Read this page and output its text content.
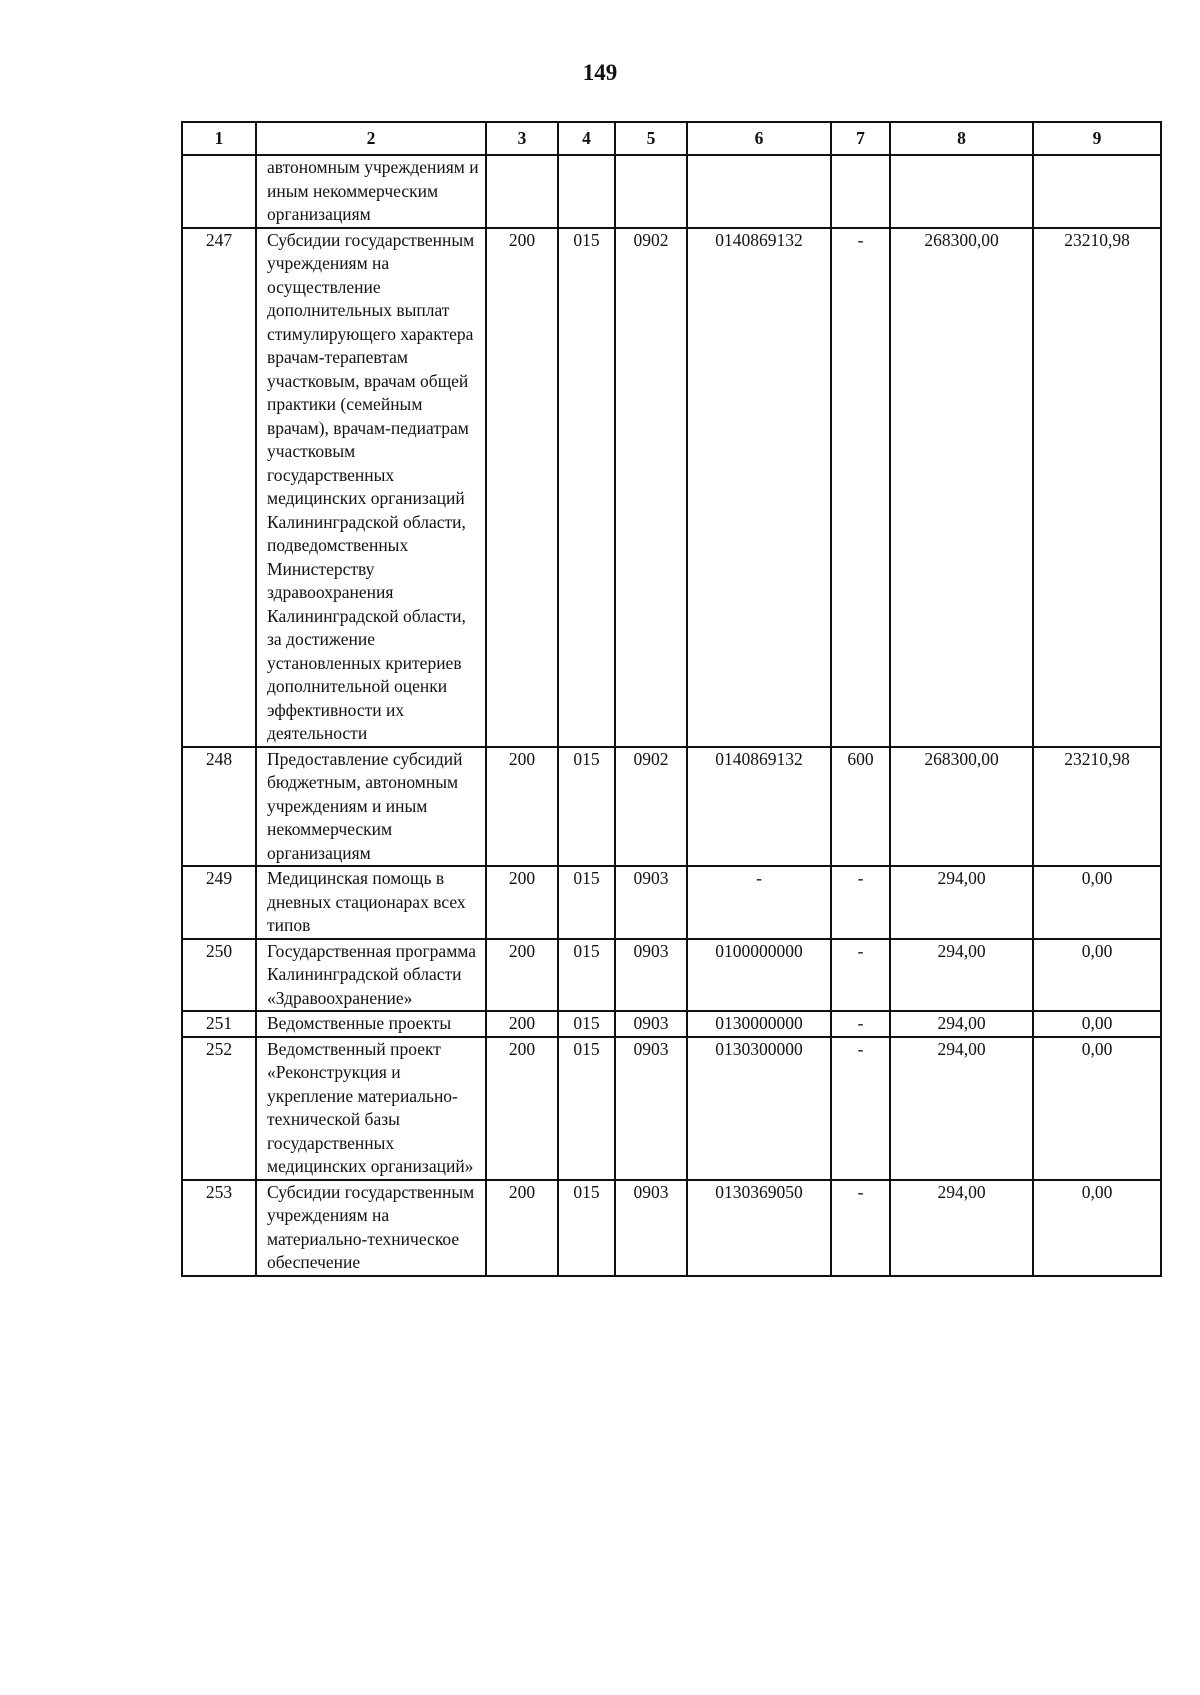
149
1	2	3	4	5	6	7	8	9
	автономным учреждениям и иным некоммерческим организациям							
247	Субсидии государственным учреждениям на осуществление дополнительных выплат стимулирующего характера врачам-терапевтам участковым, врачам общей практики (семейным врачам), врачам-педиатрам участковым государственных медицинских организаций Калининградской области, подведомственных Министерству здравоохранения Калининградской области, за достижение установленных критериев дополнительной оценки эффективности их деятельности	200	015	0902	0140869132	-	268300,00	23210,98
248	Предоставление субсидий бюджетным, автономным учреждениям и иным некоммерческим организациям	200	015	0902	0140869132	600	268300,00	23210,98
249	Медицинская помощь в дневных стационарах всех типов	200	015	0903	-	-	294,00	0,00
250	Государственная программа Калининградской области «Здравоохранение»	200	015	0903	0100000000	-	294,00	0,00
251	Ведомственные проекты	200	015	0903	0130000000	-	294,00	0,00
252	Ведомственный проект «Реконструкция и укрепление материально-технической базы государственных медицинских организаций»	200	015	0903	0130300000	-	294,00	0,00
253	Субсидии государственным учреждениям на материально-техническое обеспечение	200	015	0903	0130369050	-	294,00	0,00
